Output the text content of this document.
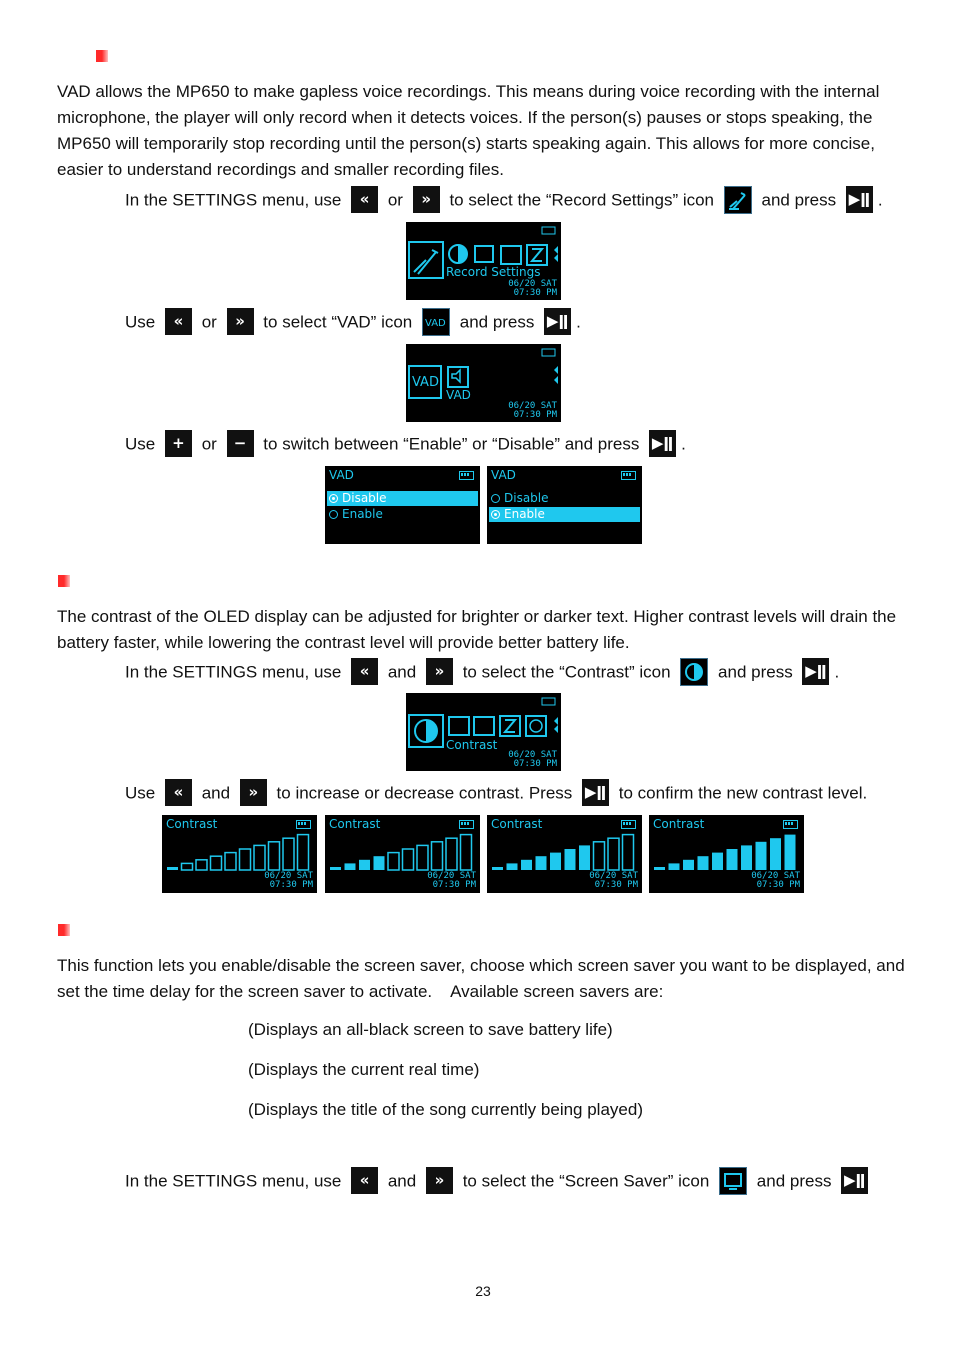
VAD allows the MP650 to make gapless voice recordings. This means during voice recording with the internal microphone, the player will only record when it detects voices. If the person(s) pauses or stops speaking, the MP650 will temporarily stop recording until the person(s) starts speaking again. This allows for more concise, easier to understand recordings and smaller recording files.

In the SETTINGS menu, use « or » to select the “Record Settings” icon	and press ▶ǁ .
Record Settings
06/20 SAT
07:30 PM
Use « or » to select “VAD” icon VAD and press ▶ǁ .
VAD
VAD
06/20 SAT
07:30 PM
Use + or − to switch between “Enable” or “Disable” and press ▶ǁ .
VAD
Disable
Enable
VAD
Disable
Enable

The contrast of the OLED display can be adjusted for brighter or darker text. Higher contrast levels will drain the battery faster, while lowering the contrast level will provide better battery life.

In the SETTINGS menu, use « and » to select the “Contrast” icon	and press ▶ǁ .
Contrast
06/20 SAT
07:30 PM
Use « and » to increase or decrease contrast. Press ▶ǁ to confirm the new contrast level.
Contrast
06/20 SAT
07:30 PM
Contrast
06/20 SAT
07:30 PM
Contrast
06/20 SAT
07:30 PM
Contrast
06/20 SAT
07:30 PM

This function lets you enable/disable the screen saver, choose which screen saver you want to be displayed, and set the time delay for the screen saver to activate.    Available screen savers are:

(Displays an all-black screen to save battery life)
(Displays the current real time)
(Displays the title of the song currently being played)
In the SETTINGS menu, use « and » to select the “Screen Saver” icon	and press ▶ǁ
23
